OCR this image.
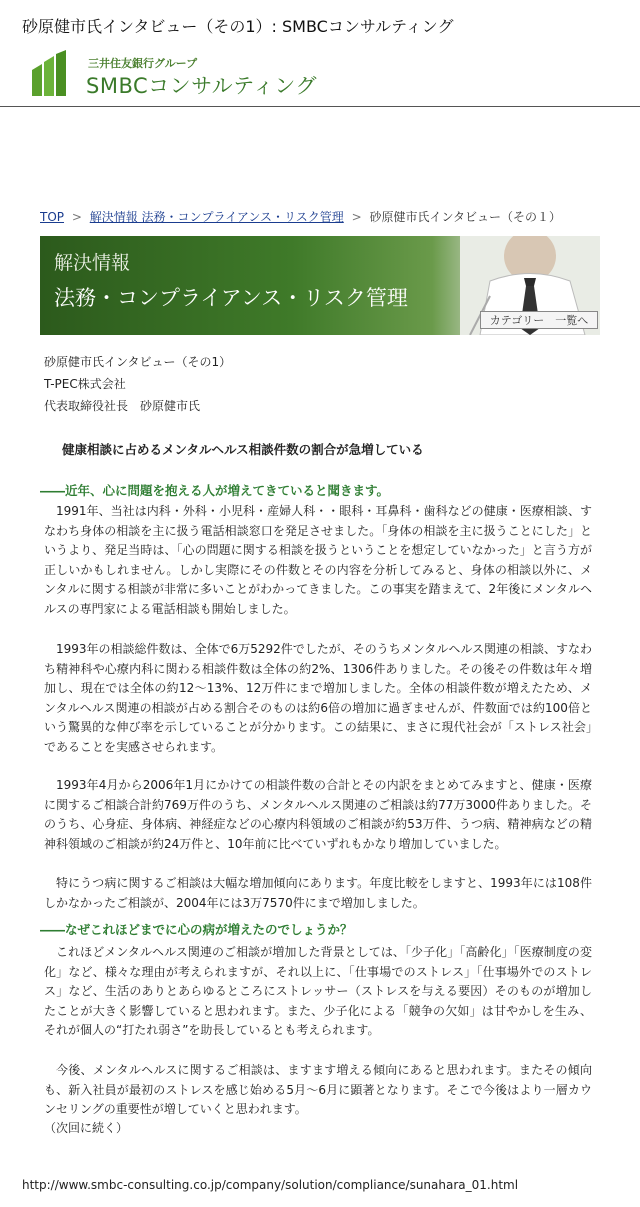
砂原健市氏インタビュー（その1）: SMBCコンサルティング
三井住友銀行グループ
SMBCコンサルティング
TOP > 解決情報 法務・コンプライアンス・リスク管理 > 砂原健市氏インタビュー（その１）
解決情報
法務・コンプライアンス・リスク管理
カテゴリー　一覧へ
砂原健市氏インタビュー（その1）
T-PEC株式会社
代表取締役社長　砂原健市氏
健康相談に占めるメンタルヘルス相談件数の割合が急増している
――近年、心に問題を抱える人が増えてきていると聞きます。

1991年、当社は内科・外科・小児科・産婦人科・・眼科・耳鼻科・歯科などの健康・医療相談、すなわち身体の相談を主に扱う電話相談窓口を発足させました。「身体の相談を主に扱うことにした」というより、発足当時は、「心の問題に関する相談を扱うということを想定していなかった」と言う方が正しいかもしれません。しかし実際にその件数とその内容を分析してみると、身体の相談以外に、メンタルに関する相談が非常に多いことがわかってきました。この事実を踏まえて、2年後にメンタルヘルスの専門家による電話相談も開始しました。

1993年の相談総件数は、全体で6万5292件でしたが、そのうちメンタルヘルス関連の相談、すなわち精神科や心療内科に関わる相談件数は全体の約2%、1306件ありました。その後その件数は年々増加し、現在では全体の約12～13%、12万件にまで増加しました。全体の相談件数が増えたため、メンタルヘルス関連の相談が占める割合そのものは約6倍の増加に過ぎませんが、件数面では約100倍という驚異的な伸び率を示していることが分かります。この結果に、まさに現代社会が「ストレス社会」であることを実感させられます。

1993年4月から2006年1月にかけての相談件数の合計とその内訳をまとめてみますと、健康・医療に関するご相談合計約769万件のうち、メンタルヘルス関連のご相談は約77万3000件ありました。そのうち、心身症、身体病、神経症などの心療内科領域のご相談が約53万件、うつ病、精神病などの精神科領域のご相談が約24万件と、10年前に比べていずれもかなり増加していました。

特にうつ病に関するご相談は大幅な増加傾向にあります。年度比較をしますと、1993年には108件しかなかったご相談が、2004年には3万7570件にまで増加しました。

――なぜこれほどまでに心の病が増えたのでしょうか？

これほどメンタルヘルス関連のご相談が増加した背景としては、「少子化」「高齢化」「医療制度の変化」など、様々な理由が考えられますが、それ以上に、「仕事場でのストレス」「仕事場外でのストレス」など、生活のありとあらゆるところにストレッサー（ストレスを与える要因）そのものが増加したことが大きく影響していると思われます。また、少子化による「競争の欠如」は甘やかしを生み、それが個人の“打たれ弱さ”を助長しているとも考えられます。

今後、メンタルヘルスに関するご相談は、ますます増える傾向にあると思われます。またその傾向も、新入社員が最初のストレスを感じ始める5月～6月に顕著となります。そこで今後はより一層カウンセリングの重要性が増していくと思われます。

（次回に続く）
http://www.smbc-consulting.co.jp/company/solution/compliance/sunahara_01.html
